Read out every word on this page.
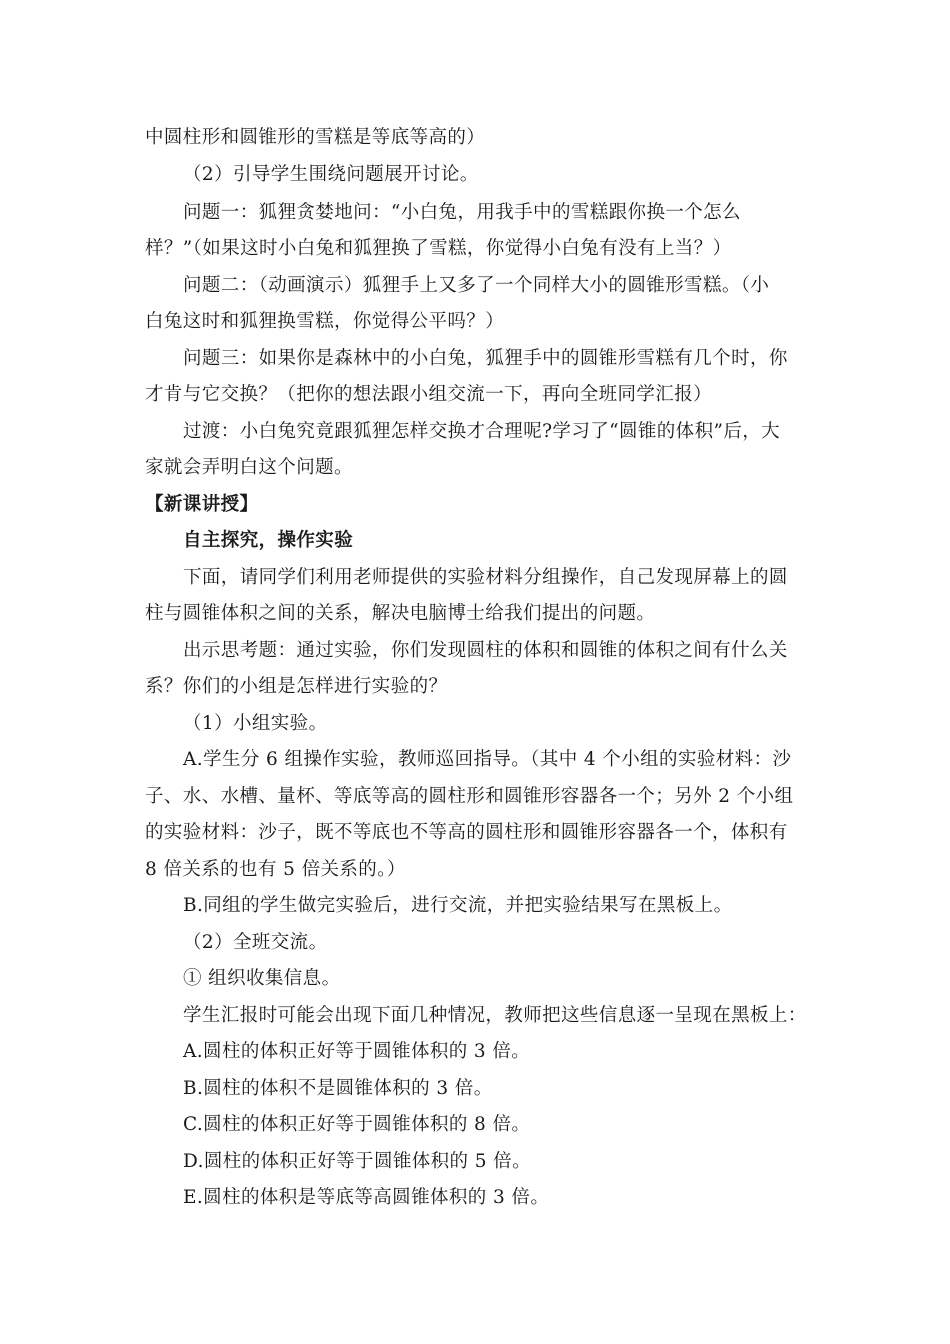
中圆柱形和圆锥形的雪糕是等底等高的）
（2）引导学生围绕问题展开讨论。
问题一：狐狸贪婪地问：“小白兔，用我手中的雪糕跟你换一个怎么
样？”（如果这时小白兔和狐狸换了雪糕，你觉得小白兔有没有上当？）
问题二：（动画演示）狐狸手上又多了一个同样大小的圆锥形雪糕。（小
白兔这时和狐狸换雪糕，你觉得公平吗？）
问题三：如果你是森林中的小白兔，狐狸手中的圆锥形雪糕有几个时，你
才肯与它交换？（把你的想法跟小组交流一下，再向全班同学汇报）
过渡：小白兔究竟跟狐狸怎样交换才合理呢?学习了“圆锥的体积”后，大
家就会弄明白这个问题。
【新课讲授】
自主探究，操作实验
下面，请同学们利用老师提供的实验材料分组操作，自己发现屏幕上的圆
柱与圆锥体积之间的关系，解决电脑博士给我们提出的问题。
出示思考题：通过实验，你们发现圆柱的体积和圆锥的体积之间有什么关
系？你们的小组是怎样进行实验的？
（1）小组实验。
A.学生分 6 组操作实验，教师巡回指导。（其中 4 个小组的实验材料：沙
子、水、水槽、量杯、等底等高的圆柱形和圆锥形容器各一个；另外 2 个小组
的实验材料：沙子，既不等底也不等高的圆柱形和圆锥形容器各一个，体积有
8 倍关系的也有 5 倍关系的。）
B.同组的学生做完实验后，进行交流，并把实验结果写在黑板上。
（2）全班交流。
① 组织收集信息。
学生汇报时可能会出现下面几种情况，教师把这些信息逐一呈现在黑板上：
A.圆柱的体积正好等于圆锥体积的 3 倍。
B.圆柱的体积不是圆锥体积的 3 倍。
C.圆柱的体积正好等于圆锥体积的 8 倍。
D.圆柱的体积正好等于圆锥体积的 5 倍。
E.圆柱的体积是等底等高圆锥体积的 3 倍。
